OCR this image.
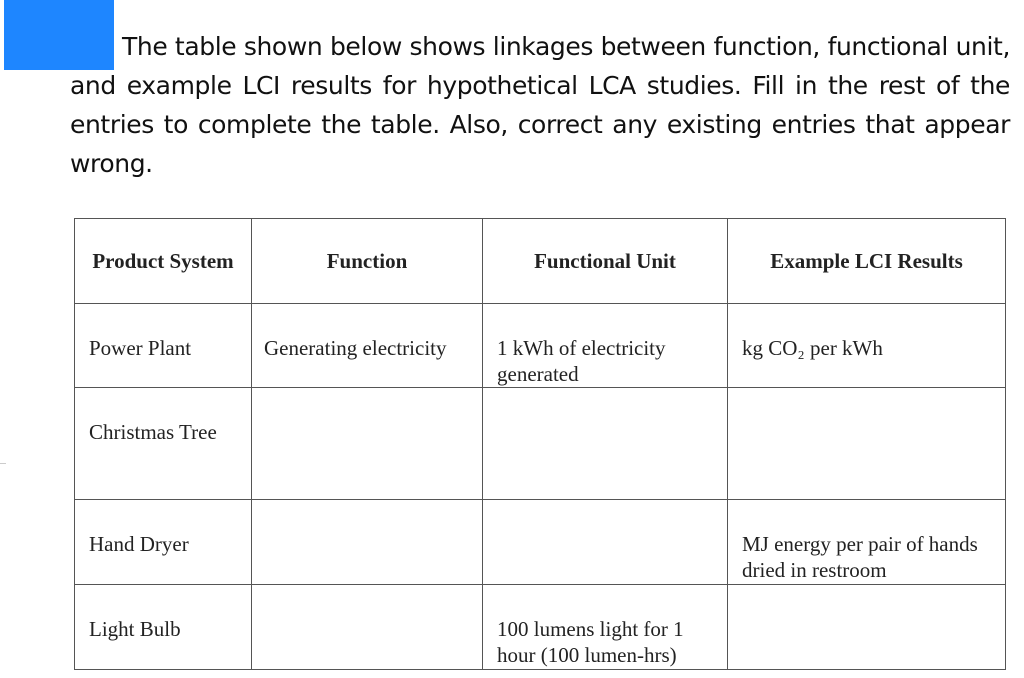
The table shown below shows linkages between function, functional unit, and example LCI results for hypothetical LCA studies. Fill in the rest of the entries to complete the table. Also, correct any existing entries that appear wrong.

Product System	Function	Functional Unit	Example LCI Results
Power Plant	Generating electricity	1 kWh of electricity generated	kg CO₂ per kWh
Christmas Tree			
Hand Dryer			MJ energy per pair of hands dried in restroom
Light Bulb		100 lumens light for 1 hour (100 lumen-hrs)	
